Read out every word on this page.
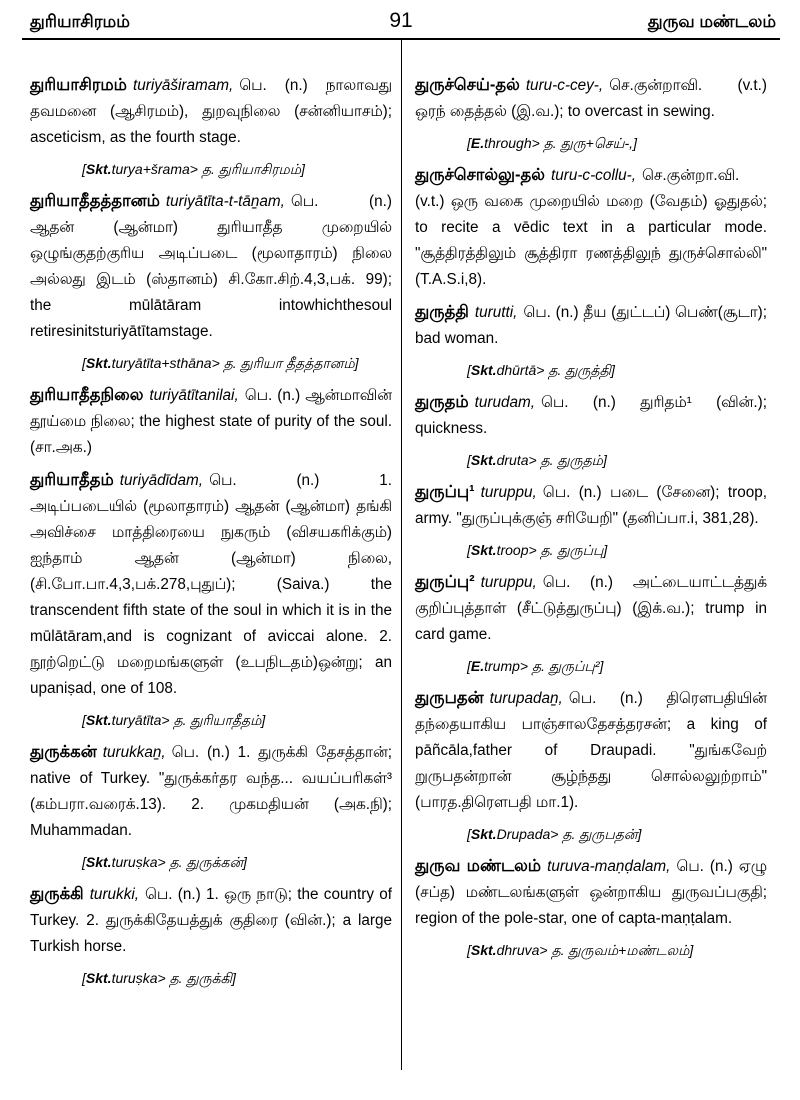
துரியாசிரமம்	91	துருவ மண்டலம்
துரியாசிரமம் turiyāširamam, பெ. (n.) நாலாவது தவமனை (ஆசிரமம்), துறவுநிலை (சன்னியாசம்); asceticism, as the fourth stage.
[Skt.turya+šrama> த. துரியாசிரமம்]
துரியாதீதத்தானம் turiyātīta-t-tāṉam, பெ. (n.) ஆதன் (ஆன்மா) துரியாதீத முறையில் ஒழுங்குதற்குரிய அடிப்படை (மூலாதாரம்) நிலை அல்லது இடம் (ஸ்தானம்) சி.கோ.சிற்.4,3,பக். 99); the mūlātāram intowhichthesoul retiresinitsturiyātītamstage.
[Skt.turyātīta+sthāna> த. துரியா தீதத்தானம்]
துரியாதீதநிலை turiyātītanilai, பெ. (n.) ஆன்மாவின் தூய்மை நிலை; the highest state of purity of the soul. (சா.அக.)
துரியாதீதம் turiyādīdam, பெ. (n.) 1. அடிப்படையில் (மூலாதாரம்) ஆதன் (ஆன்மா) தங்கி அவிச்சை மாத்திரையை நுகரும் (விசயகரிக்கும்) ஐந்தாம் ஆதன் (ஆன்மா) நிலை, (சி.போ.பா.4,3,பக்.278,புதுப்); (Saiva.) the transcendent fifth state of the soul in which it is in the mūlātāram,and is cognizant of aviccai alone. 2. நூற்றெட்டு மறைமங்களுள் (உபநிடதம்)ஒன்று; an upaniṣad, one of 108.
[Skt.turyātīta> த. துரியாதீதம்]
துருக்கன் turukkaṉ, பெ. (n.) 1. துருக்கி தேசத்தான்; native of Turkey. "துருக்கர்தர வந்த... வயப்பரிகள்³ (கம்பரா.வரைக்.13). 2. முகமதியன் (அக.நி); Muhammadan.
[Skt.turuṣka> த. துருக்கன்]
துருக்கி turukki, பெ. (n.) 1. ஒரு நாடு; the country of Turkey. 2. துருக்கிதேயத்துக் குதிரை (வின்.); a large Turkish horse.
[Skt.turuṣka> த. துருக்கி]
துருச்செய்-தல் turu-c-cey-, செ.குன்றாவி. (v.t.) ஒரந் தைத்தல் (இ.வ.); to overcast in sewing.
[E.through> த. துரு+செய்-,]
துருச்சொல்லு-தல் turu-c-collu-, செ.குன்றா.வி. (v.t.) ஒரு வகை முறையில் மறை (வேதம்) ஓதுதல்; to recite a vēdic text in a particular mode. "சூத்திரத்திலும் சூத்திரா ரணத்திலுந் துருச்சொல்லி" (T.A.S.i,8).
துருத்தி turutti, பெ. (n.) தீய (துட்டப்) பெண்(சூடா); bad woman.
[Skt.dhūrtā> த. துருத்தி]
துருதம் turudam, பெ. (n.) துரிதம்¹ (வின்.); quickness.
[Skt.druta> த. துருதம்]
துருப்பு¹ turuppu, பெ. (n.) படை (சேனை); troop, army. "துருப்புக்குஞ் சரியேறி" (தனிப்பா.i, 381,28).
[Skt.troop> த. துருப்பு]
துருப்பு² turuppu, பெ. (n.) அட்டையாட்டத்துக் குறிப்புத்தாள் (சீட்டுத்துருப்பு) (இக்.வ.); trump in card game.
[E.trump> த. துருப்பு²]
துருபதன் turupadaṉ, பெ. (n.) திரௌபதியின் தந்தையாகிய பாஞ்சாலதேசத்தரசன்; a king of pāñcāla,father of Draupadi. "துங்கவேற் றுருபதன்றான் சூழ்ந்தது சொல்லலுற்றாம்" (பாரத.திரௌபதி மா.1).
[Skt.Drupada> த. துருபதன்]
துருவ மண்டலம் turuva-maṇḍalam, பெ. (n.) ஏழு (சப்த) மண்டலங்களுள் ஒன்றாகிய துருவப்பகுதி; region of the pole-star, one of capta-maṇṭalam.
[Skt.dhruva> த. துருவம்+மண்டலம்]
